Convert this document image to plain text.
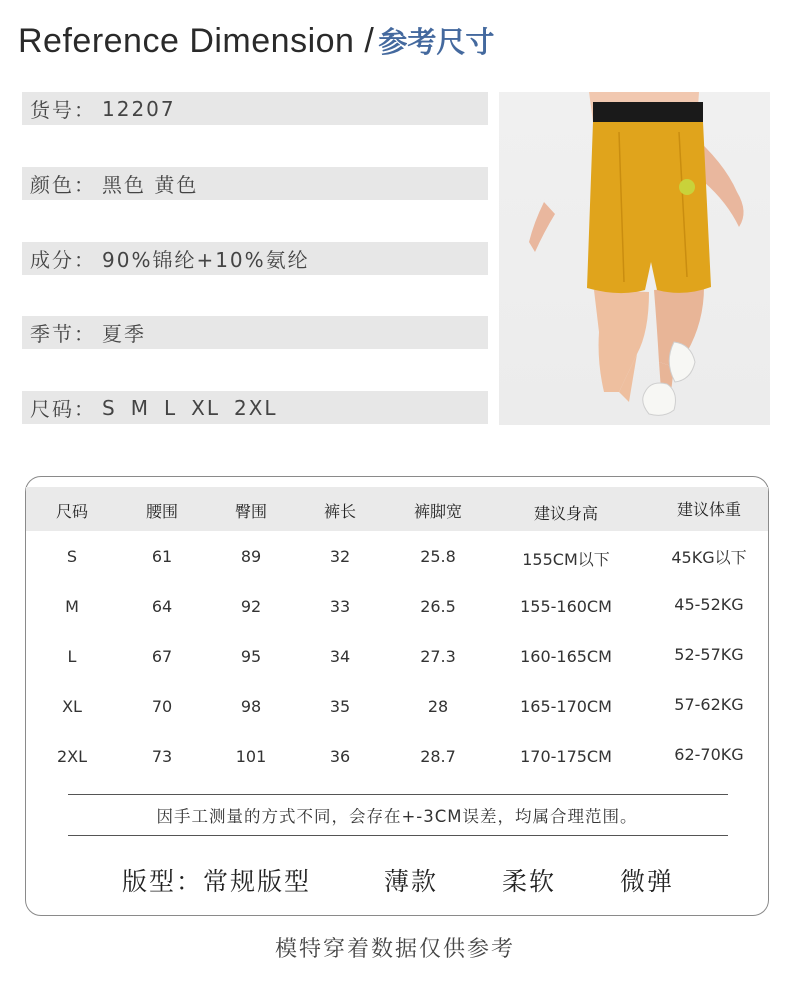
Reference Dimension / 参考尺寸
货号： 12207
颜色： 黑色 黄色
成分： 90%锦纶+10%氨纶
季节： 夏季
尺码： S M L XL 2XL
尺码	腰围	臀围	裤长	裤脚宽	建议身高	建议体重
S	61	89	32	25.8	155CM以下	45KG以下
M	64	92	33	26.5	155-160CM	45-52KG
L	67	95	34	27.3	160-165CM	52-57KG
XL	70	98	35	28	165-170CM	57-62KG
2XL	73	101	36	28.7	170-175CM	62-70KG
因手工测量的方式不同，会存在+-3CM误差，均属合理范围。
版型：常规版型	薄款	柔软	微弹
模特穿着数据仅供参考
